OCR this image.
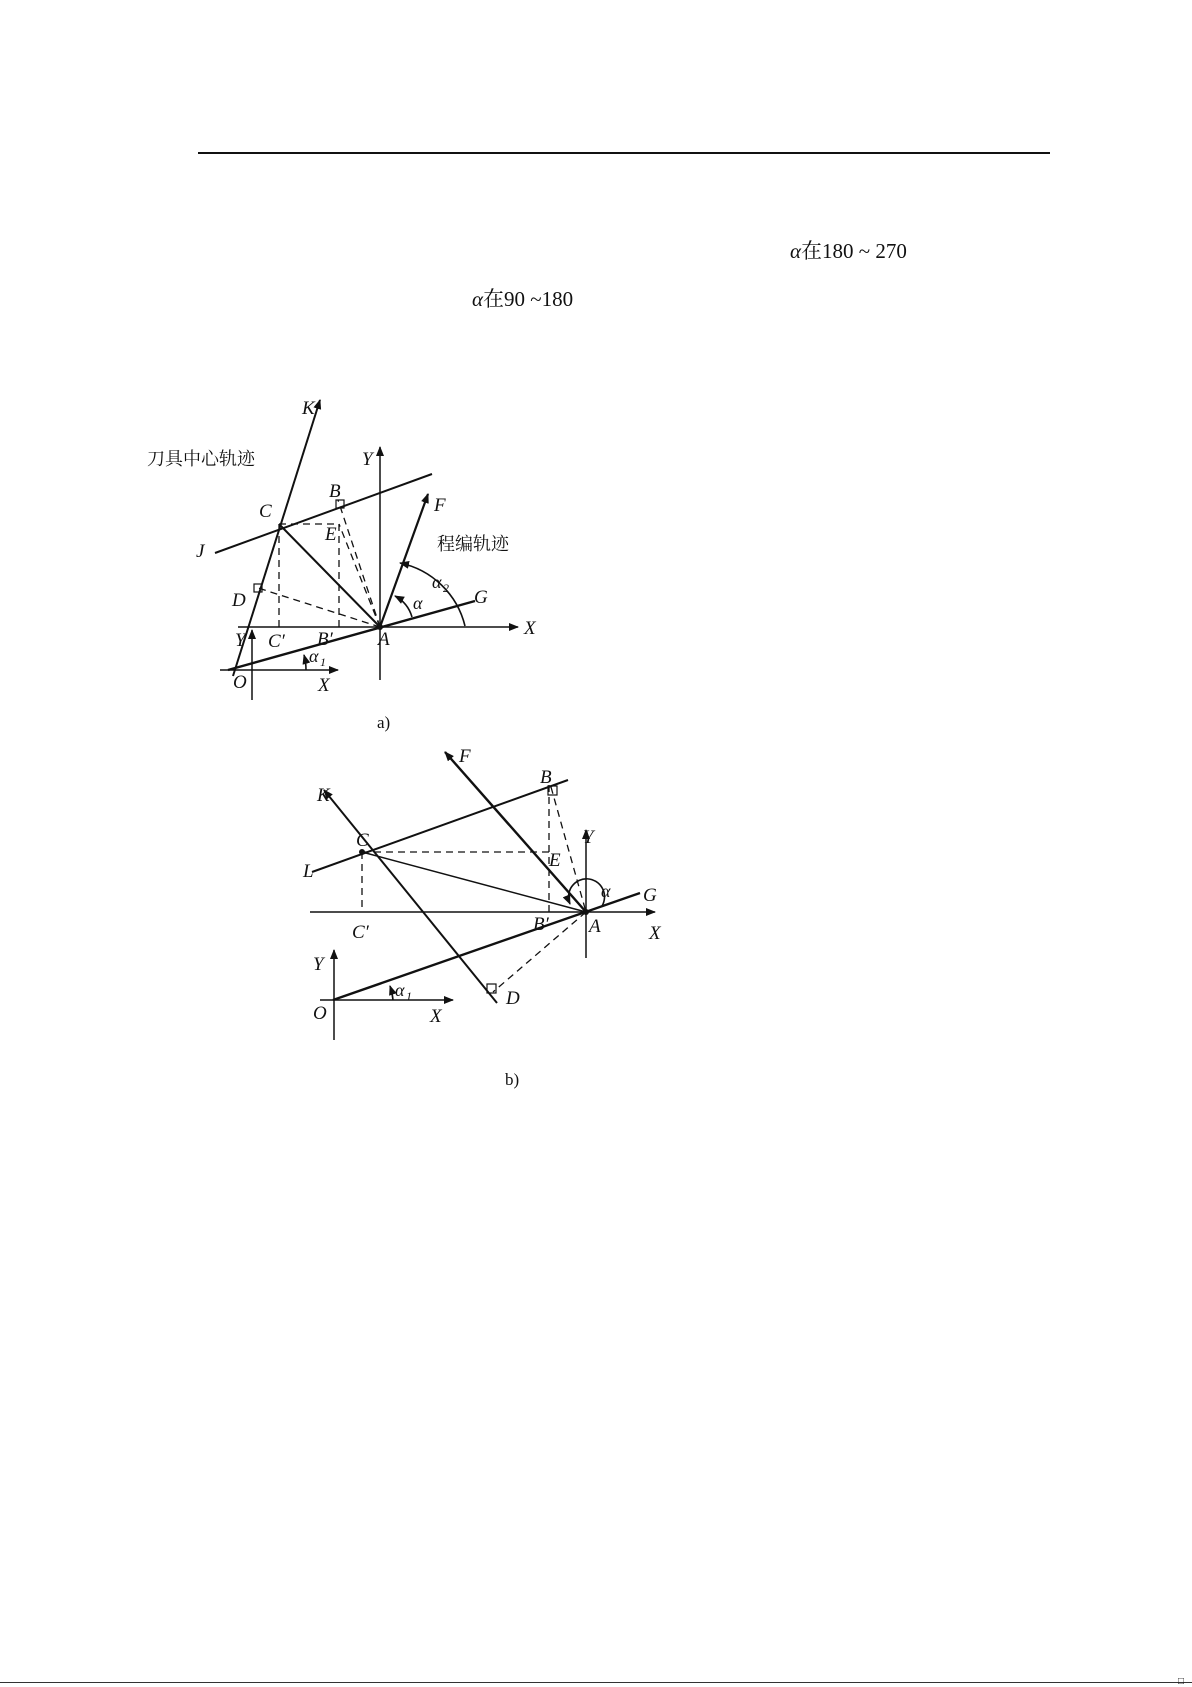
α在180 ~ 270
α在90 ~180
K
刀具中心轨迹	Y
F
B
C
E	程编轨迹
J
α 2
D	α	G
X
C′ B′ A
Y
α 1
O	X
a)
F
B
K
Y
C
E
L
α G
C′	B′ A	X
Y
α 1	D
O	X
b)
□
